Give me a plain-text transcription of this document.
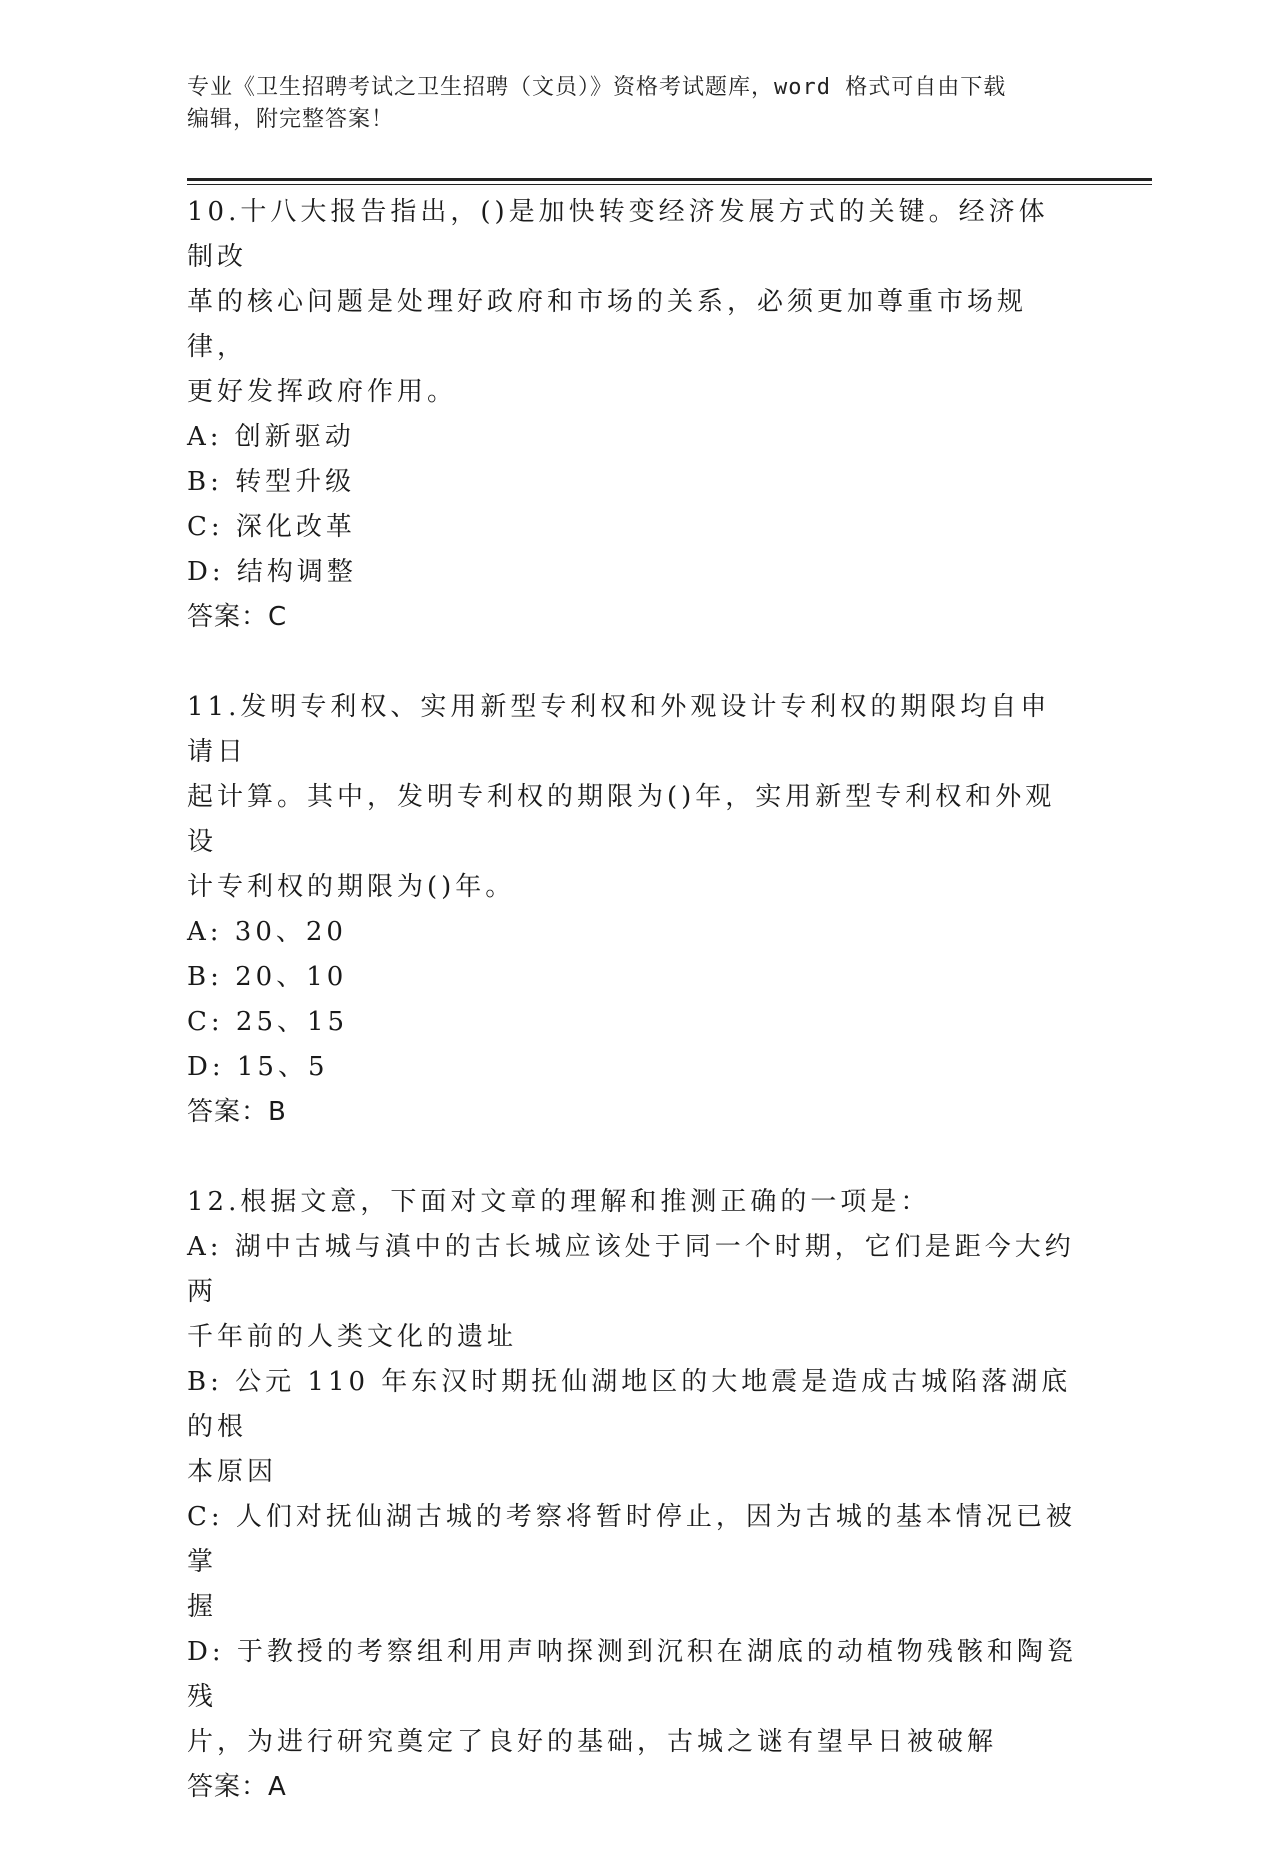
专业《卫生招聘考试之卫生招聘（文员）》资格考试题库，word 格式可自由下载
编辑，附完整答案！
10.十八大报告指出，()是加快转变经济发展方式的关键。经济体制改
革的核心问题是处理好政府和市场的关系，必须更加尊重市场规律，
更好发挥政府作用。
A: 创新驱动
B: 转型升级
C: 深化改革
D: 结构调整
答案：C
11.发明专利权、实用新型专利权和外观设计专利权的期限均自申请日
起计算。其中，发明专利权的期限为()年，实用新型专利权和外观设
计专利权的期限为()年。
A: 30、20
B: 20、10
C: 25、15
D: 15、5
答案：B
12.根据文意，下面对文章的理解和推测正确的一项是：
A: 湖中古城与滇中的古长城应该处于同一个时期，它们是距今大约两
千年前的人类文化的遗址
B: 公元 110 年东汉时期抚仙湖地区的大地震是造成古城陷落湖底的根
本原因
C: 人们对抚仙湖古城的考察将暂时停止，因为古城的基本情况已被掌
握
D: 于教授的考察组利用声呐探测到沉积在湖底的动植物残骸和陶瓷残
片，为进行研究奠定了良好的基础，古城之谜有望早日被破解
答案：A
